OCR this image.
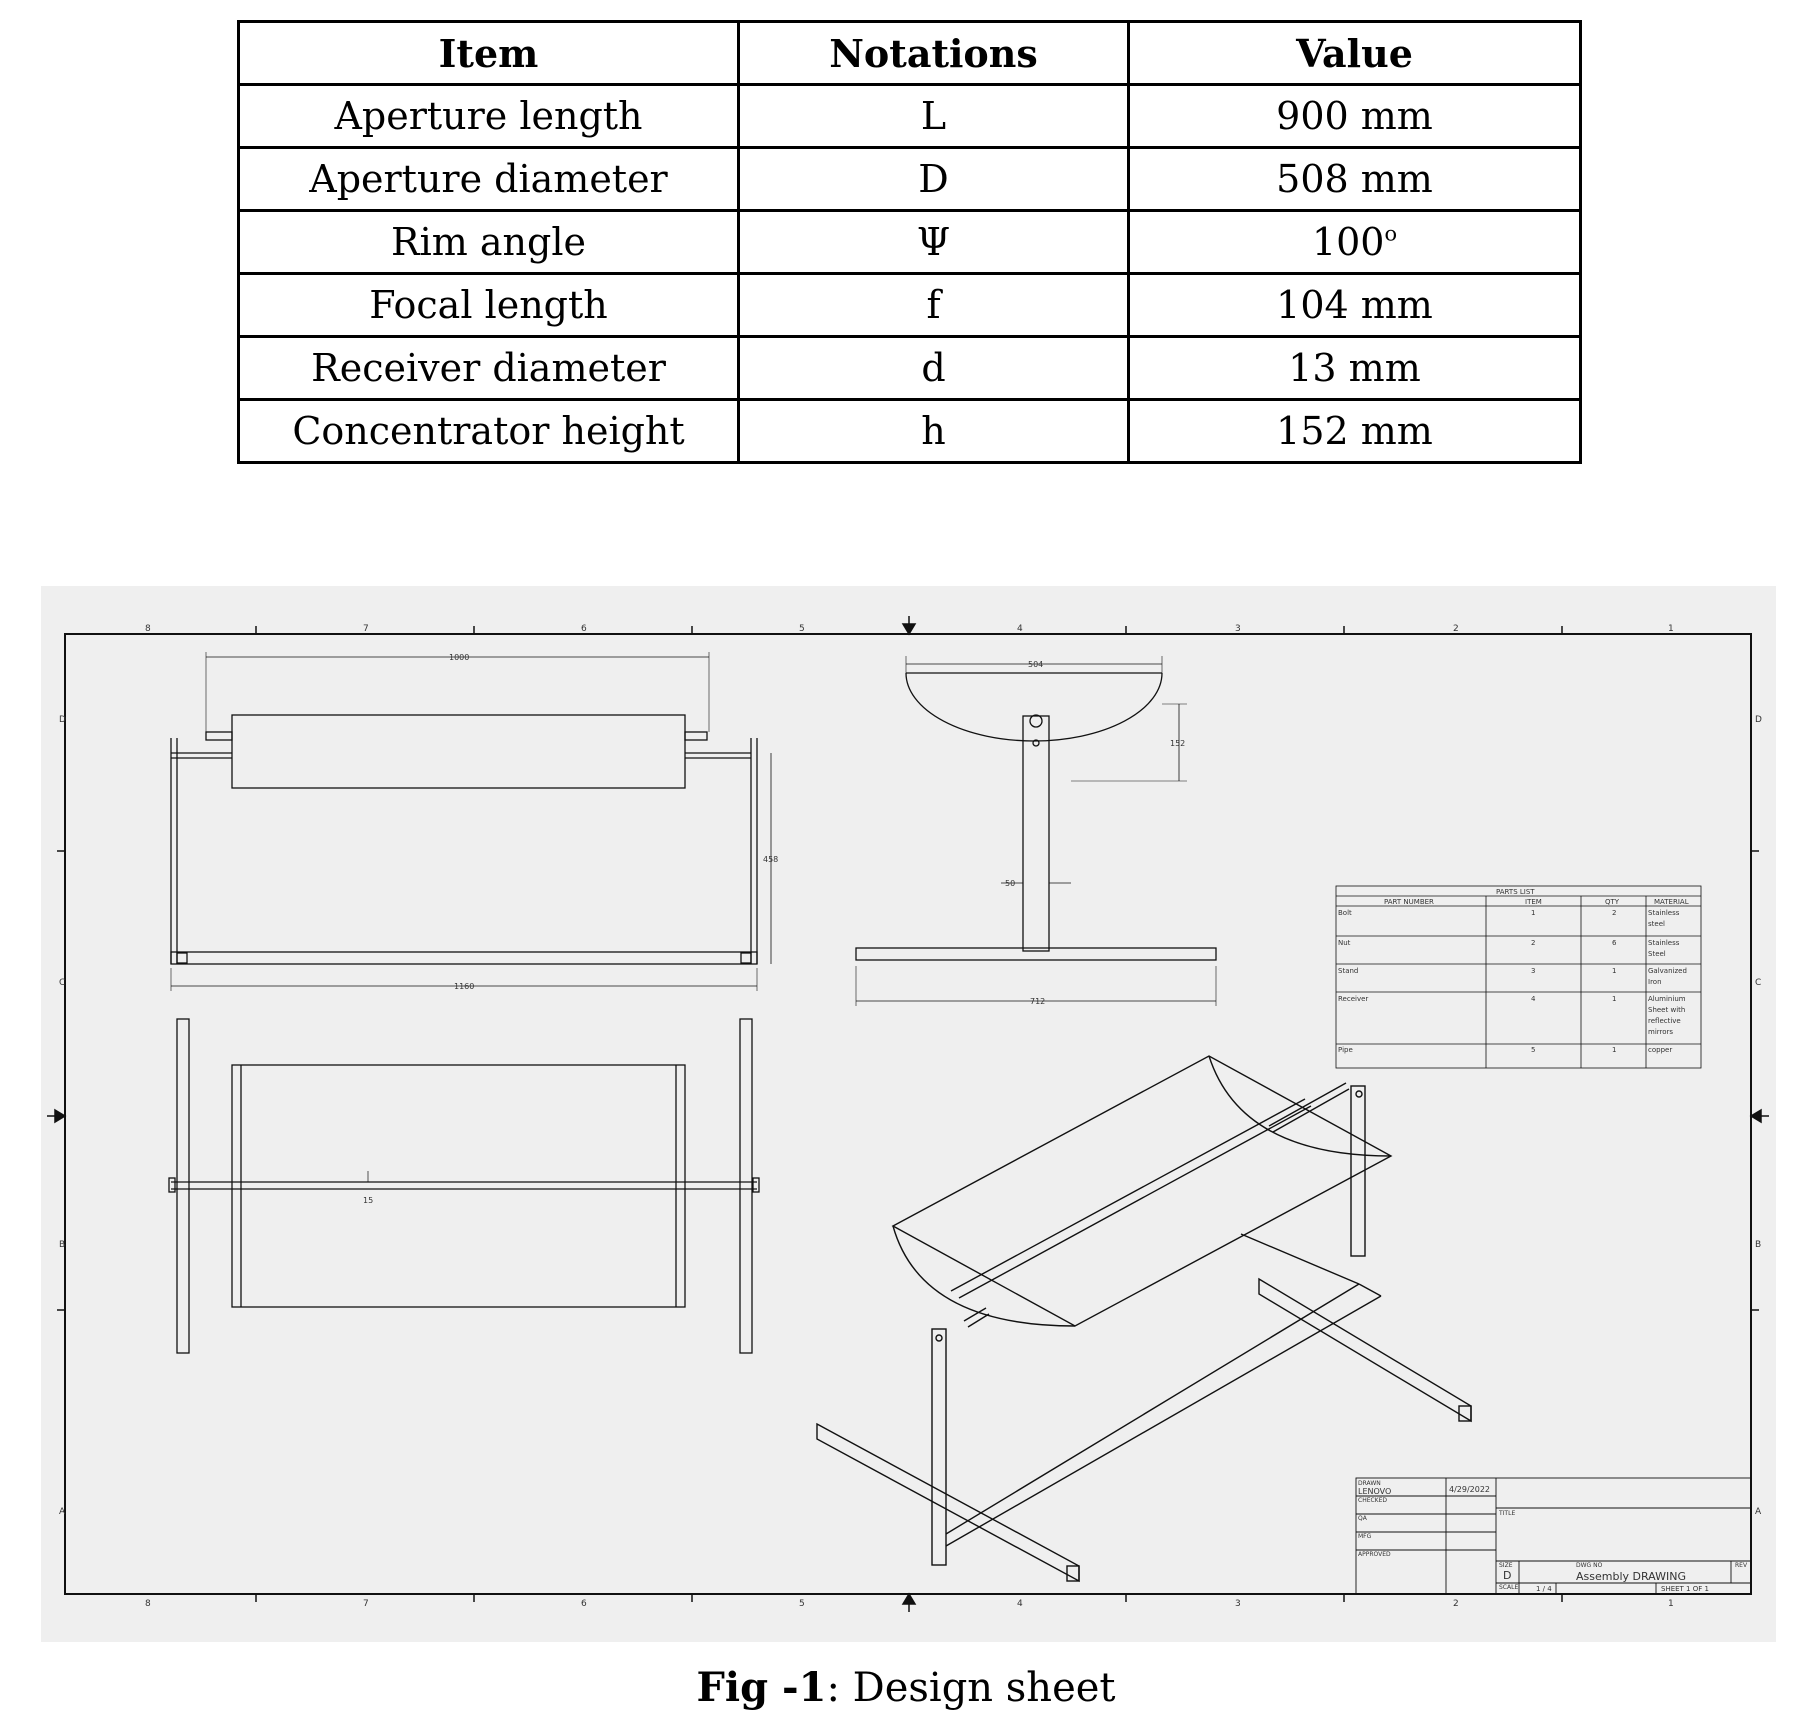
Item	Notations	Value
Aperture length	L	900 mm
Aperture diameter	D	508 mm
Rim angle	Ψ	100$^o$
Focal length	f	104 mm
Receiver diameter	d	13 mm
Concentrator height	h	152 mm
8	7	6	5	4	3	2	1
8	7	6	5	4	3	2	1
D
C
B
A
D
C
B
A
1000
458
1160
15
504
152
50
712
PARTS LIST
PART NUMBER	ITEM	QTY	MATERIAL
Bolt	1	2	Stainless
steel
Nut	2	6	Stainless
Steel
Stand	3	1	Galvanized
Iron
Receiver	4	1	Aluminium
Sheet with
reflective
mirrors
Pipe	5	1	copper
DRAWN
LENOVO	4/29/2022
CHECKED
QA
MFG
APPROVED
TITLE
SIZE
D
DWG NO
Assembly DRAWING
REV
SCALE	1 / 4	SHEET 1 OF 1
Fig -1: Design sheet
